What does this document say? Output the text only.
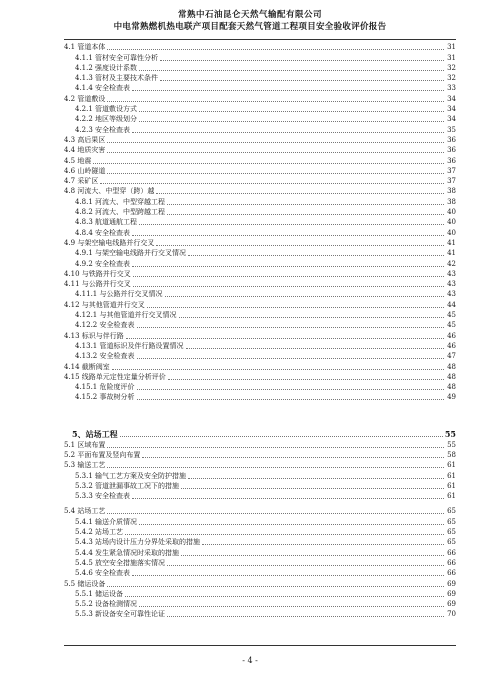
常熟中石油昆仑天然气输配有限公司
中电常熟燃机热电联产项目配套天然气管道工程项目安全验收评价报告
4.1 管道本体	31
4.1.1 管材安全可靠性分析	31
4.1.2 强度设计系数	32
4.1.3 管材及主要技术条件	32
4.1.4 安全检查表	33
4.2 管道敷设	34
4.2.1 管道敷设方式	34
4.2.2 地区等级划分	34
4.2.3 安全检查表	35
4.3 高后果区	36
4.4 地质灾害	36
4.5 地震	36
4.6 山岭隧道	37
4.7 采矿区	37
4.8 河流大、中型穿（跨）越	38
4.8.1 河流大、中型穿越工程	38
4.8.2 河流大、中型跨越工程	40
4.8.3 航道通航工程	40
4.8.4 安全检查表	40
4.9 与架空输电线路并行交叉	41
4.9.1 与架空输电线路并行交叉情况	41
4.9.2 安全检查表	42
4.10 与铁路并行交叉	43
4.11 与公路并行交叉	43
4.11.1 与公路并行交叉情况	43
4.12 与其他管道并行交叉	44
4.12.1 与其他管道并行交叉情况	45
4.12.2 安全检查表	45
4.13 标识与伴行路	46
4.13.1 管道标识及伴行路设置情况	46
4.13.2 安全检查表	47
4.14 截断阀室	48
4.15 线路单元定性定量分析评价	48
4.15.1 危险度评价	48
4.15.2 事故树分析	49
5、站场工程	55
5.1 区域布置	55
5.2 平面布置及竖向布置	58
5.3 输送工艺	61
5.3.1 输气工艺方案及安全防护措施	61
5.3.2 管道泄漏事故工况下的措施	61
5.3.3 安全检查表	61
5.4 站场工艺	65
5.4.1 输送介质情况	65
5.4.2 站场工艺	65
5.4.3 站场内设计压力分界处采取的措施	65
5.4.4 发生紧急情况时采取的措施	66
5.4.5 放空安全措施落实情况	66
5.4.6 安全检查表	66
5.5 储运设备	69
5.5.1 储运设备	69
5.5.2 设备检测情况	69
5.5.3 新设备安全可靠性论证	70
- 4 -
